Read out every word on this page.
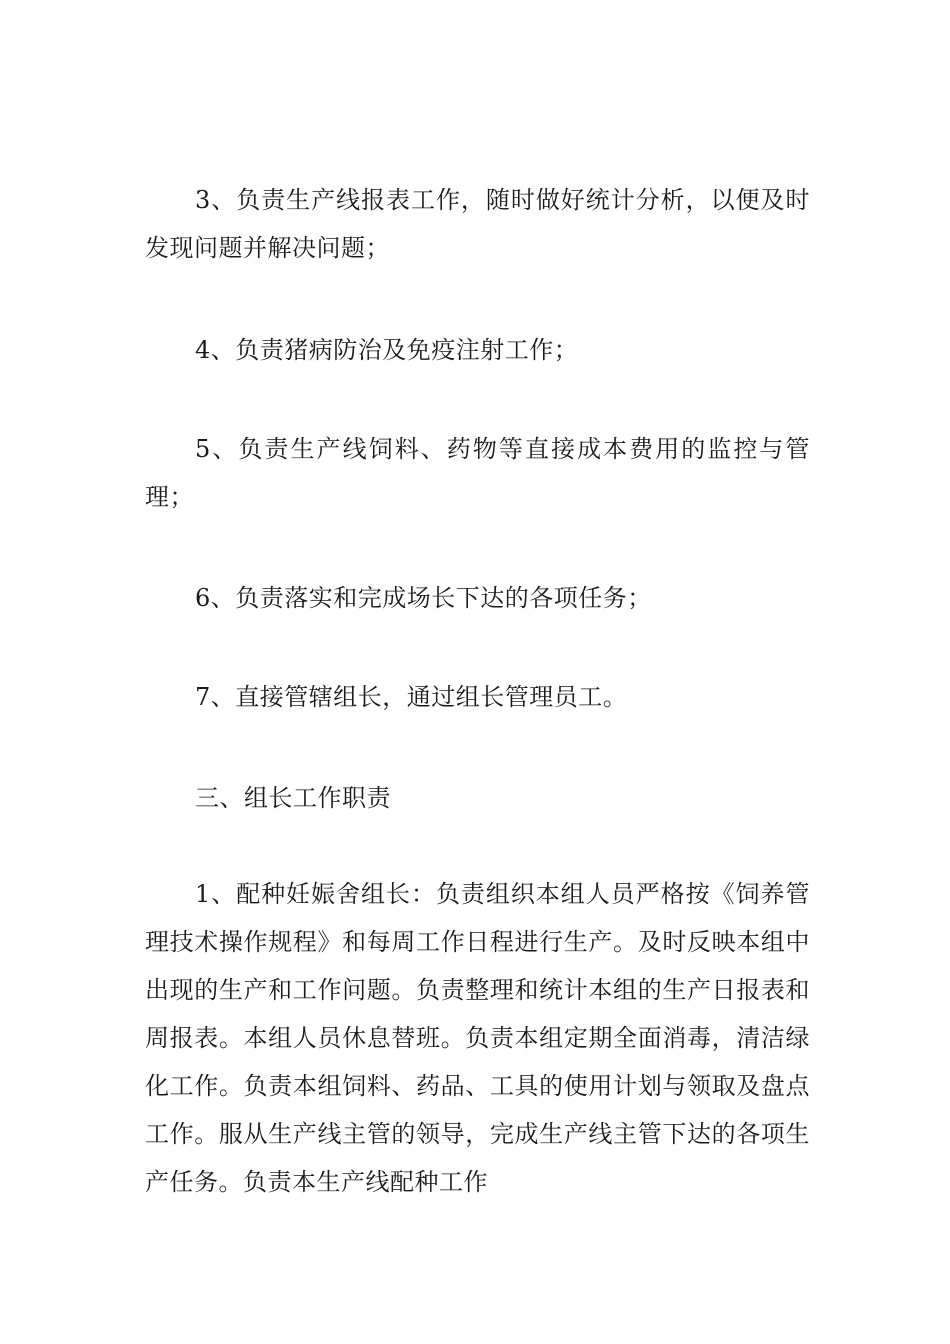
3、负责生产线报表工作，随时做好统计分析，以便及时发现问题并解决问题；

4、负责猪病防治及免疫注射工作；

5、负责生产线饲料、药物等直接成本费用的监控与管理；

6、负责落实和完成场长下达的各项任务；

7、直接管辖组长，通过组长管理员工。

三、组长工作职责

1、配种妊娠舍组长：负责组织本组人员严格按《饲养管理技术操作规程》和每周工作日程进行生产。及时反映本组中出现的生产和工作问题。负责整理和统计本组的生产日报表和周报表。本组人员休息替班。负责本组定期全面消毒，清洁绿化工作。负责本组饲料、药品、工具的使用计划与领取及盘点工作。服从生产线主管的领导，完成生产线主管下达的各项生产任务。负责本生产线配种工作
